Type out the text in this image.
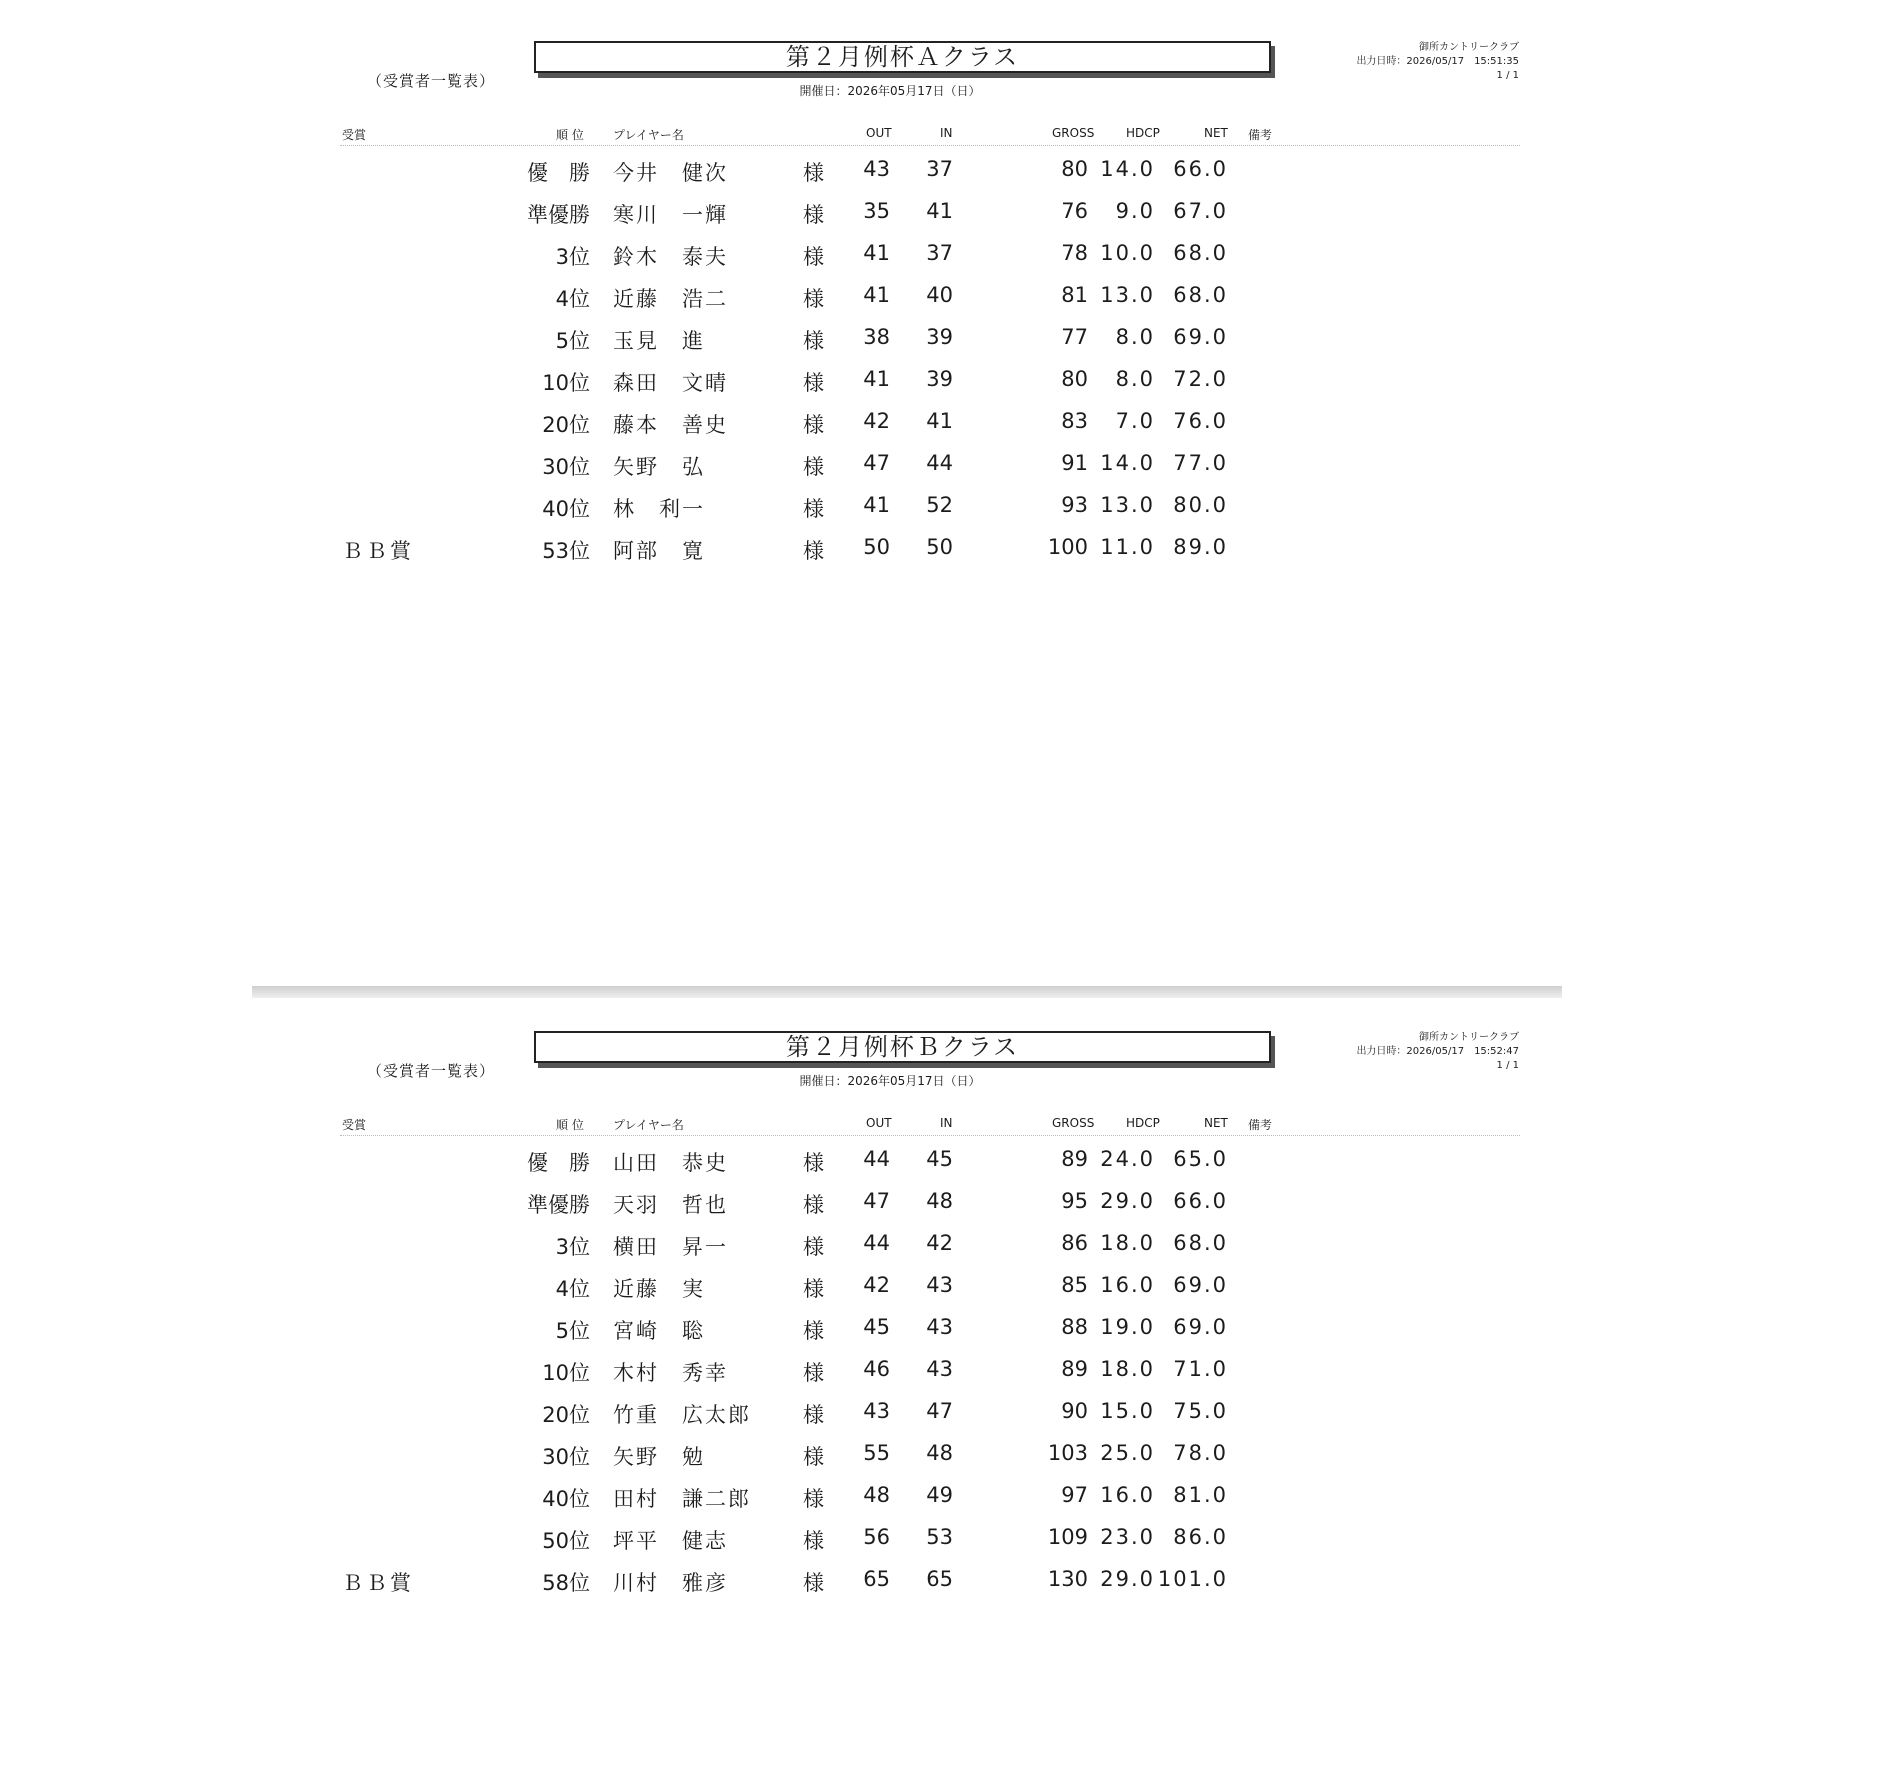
（受賞者一覧表）
第２月例杯Ａクラス
開催日：2026年05月17日（日）
御所カントリークラブ
出力日時：2026/05/17　15:51:35
1 / 1
受賞	順 位 プレイヤー名	OUT	IN	GROSS	HDCP	NET 備考
優　勝 今井　健次	様 43 37	80 14.0 66.0
準優勝 寒川　一輝	様 35 41	76 9.0 67.0
3位 鈴木　泰夫	様 41 37	78 10.0 68.0
4位 近藤　浩二	様 41 40	81 13.0 68.0
5位 玉見　進	様 38 39	77 8.0 69.0
10位 森田　文晴	様 41 39	80 8.0 72.0
20位 藤本　善史	様 42 41	83 7.0 76.0
30位 矢野　弘	様 47 44	91 14.0 77.0
40位 林　利一	様 41 52	93 13.0 80.0
ＢＢ賞	53位 阿部　寛	様 50 50	100 11.0 89.0
（受賞者一覧表）
第２月例杯Ｂクラス
開催日：2026年05月17日（日）
御所カントリークラブ
出力日時：2026/05/17　15:52:47
1 / 1
受賞	順 位 プレイヤー名	OUT	IN	GROSS	HDCP	NET 備考
優　勝 山田　恭史	様 44 45	89 24.0 65.0
準優勝 天羽　哲也	様 47 48	95 29.0 66.0
3位 横田　昇一	様 44 42	86 18.0 68.0
4位 近藤　実	様 42 43	85 16.0 69.0
5位 宮崎　聡	様 45 43	88 19.0 69.0
10位 木村　秀幸	様 46 43	89 18.0 71.0
20位 竹重　広太郎 様 43 47	90 15.0 75.0
30位 矢野　勉	様 55 48	103 25.0 78.0
40位 田村　謙二郎 様 48 49	97 16.0 81.0
50位 坪平　健志	様 56 53	109 23.0 86.0
ＢＢ賞	58位 川村　雅彦	様 65 65	130 29.0 101.0
